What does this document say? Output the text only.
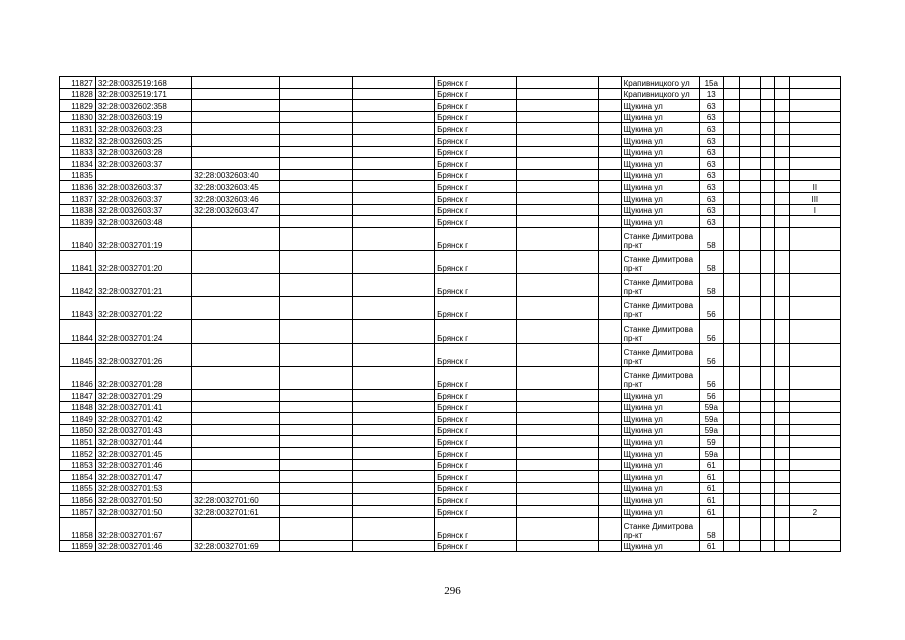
11827	32:28:0032519:168				Брянск г			Крапивницкого ул	15а					
11828	32:28:0032519:171				Брянск г			Крапивницкого ул	13					
11829	32:28:0032602:358				Брянск г			Щукина ул	63					
11830	32:28:0032603:19				Брянск г			Щукина ул	63					
11831	32:28:0032603:23				Брянск г			Щукина ул	63					
11832	32:28:0032603:25				Брянск г			Щукина ул	63					
11833	32:28:0032603:28				Брянск г			Щукина ул	63					
11834	32:28:0032603:37				Брянск г			Щукина ул	63					
11835		32:28:0032603:40			Брянск г			Щукина ул	63					
11836	32:28:0032603:37	32:28:0032603:45			Брянск г			Щукина ул	63					II
11837	32:28:0032603:37	32:28:0032603:46			Брянск г			Щукина ул	63					III
11838	32:28:0032603:37	32:28:0032603:47			Брянск г			Щукина ул	63					I
11839	32:28:0032603:48				Брянск г			Щукина ул	63					
11840	32:28:0032701:19				Брянск г			Станке Димитрова пр-кт	58					
11841	32:28:0032701:20				Брянск г			Станке Димитрова пр-кт	58					
11842	32:28:0032701:21				Брянск г			Станке Димитрова пр-кт	58					
11843	32:28:0032701:22				Брянск г			Станке Димитрова пр-кт	56					
11844	32:28:0032701:24				Брянск г			Станке Димитрова пр-кт	56					
11845	32:28:0032701:26				Брянск г			Станке Димитрова пр-кт	56					
11846	32:28:0032701:28				Брянск г			Станке Димитрова пр-кт	56					
11847	32:28:0032701:29				Брянск г			Щукина ул	56					
11848	32:28:0032701:41				Брянск г			Щукина ул	59а					
11849	32:28:0032701:42				Брянск г			Щукина ул	59а					
11850	32:28:0032701:43				Брянск г			Щукина ул	59а					
11851	32:28:0032701:44				Брянск г			Щукина ул	59					
11852	32:28:0032701:45				Брянск г			Щукина ул	59а					
11853	32:28:0032701:46				Брянск г			Щукина ул	61					
11854	32:28:0032701:47				Брянск г			Щукина ул	61					
11855	32:28:0032701:53				Брянск г			Щукина ул	61					
11856	32:28:0032701:50	32:28:0032701:60			Брянск г			Щукина ул	61					
11857	32:28:0032701:50	32:28:0032701:61			Брянск г			Щукина ул	61					2
11858	32:28:0032701:67				Брянск г			Станке Димитрова пр-кт	58					
11859	32:28:0032701:46	32:28:0032701:69			Брянск г			Щукина ул	61					
296
